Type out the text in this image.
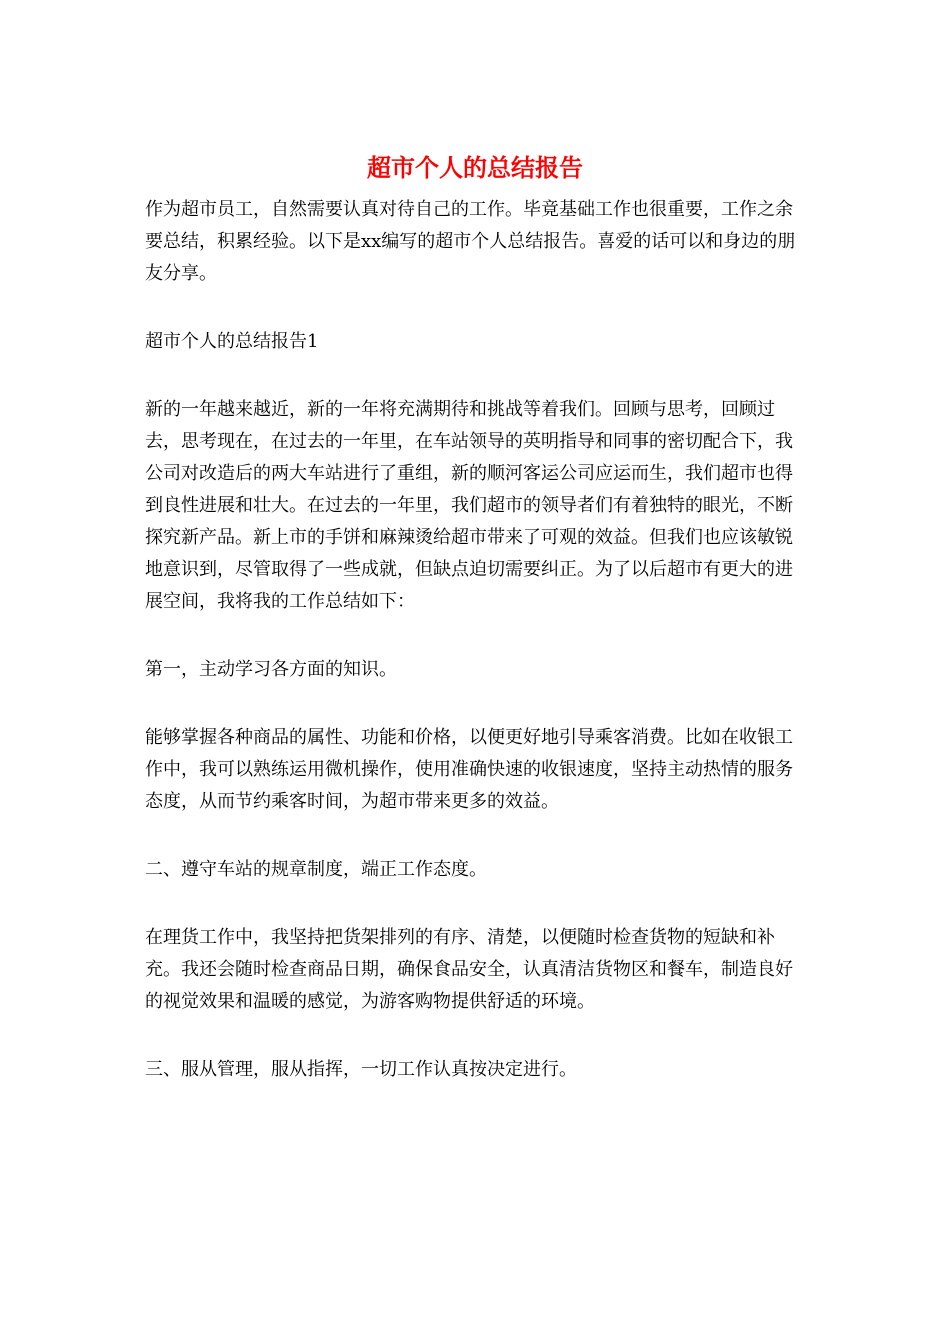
超市个人的总结报告

作为超市员工，自然需要认真对待自己的工作。毕竟基础工作也很重要，工作之余要总结，积累经验。以下是xx编写的超市个人总结报告。喜爱的话可以和身边的朋友分享。

超市个人的总结报告1

新的一年越来越近，新的一年将充满期待和挑战等着我们。回顾与思考，回顾过去，思考现在，在过去的一年里，在车站领导的英明指导和同事的密切配合下，我公司对改造后的两大车站进行了重组，新的顺河客运公司应运而生，我们超市也得到良性进展和壮大。在过去的一年里，我们超市的领导者们有着独特的眼光，不断探究新产品。新上市的手饼和麻辣烫给超市带来了可观的效益。但我们也应该敏锐地意识到，尽管取得了一些成就，但缺点迫切需要纠正。为了以后超市有更大的进展空间，我将我的工作总结如下：

第一，主动学习各方面的知识。

能够掌握各种商品的属性、功能和价格，以便更好地引导乘客消费。比如在收银工作中，我可以熟练运用微机操作，使用准确快速的收银速度，坚持主动热情的服务态度，从而节约乘客时间，为超市带来更多的效益。

二、遵守车站的规章制度，端正工作态度。

在理货工作中，我坚持把货架排列的有序、清楚，以便随时检查货物的短缺和补充。我还会随时检查商品日期，确保食品安全，认真清洁货物区和餐车，制造良好的视觉效果和温暖的感觉，为游客购物提供舒适的环境。

三、服从管理，服从指挥，一切工作认真按决定进行。
